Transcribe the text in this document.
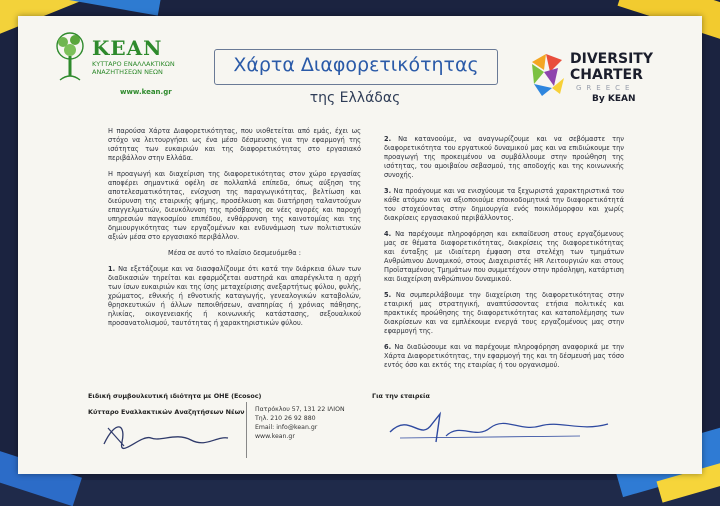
ΚΕΑΝ
ΚΥΤΤΑΡΟ ΕΝΑΛΛΑΚΤΙΚΩΝ ΑΝΑΖΗΤΗΣΕΩΝ ΝΕΩΝ
www.kean.gr
Χάρτα Διαφορετικότητας
της Ελλάδας
DIVERSITY
CHARTER
GREECE
By KEAN

Η παρούσα Χάρτα Διαφορετικότητας, που υιοθετείται από εμάς, έχει ως στόχο να λειτουργήσει ως ένα μέσο δέσμευσης για την εφαρμογή της ισότητας των ευκαιριών και της διαφορετικότητας στο εργασιακό περιβάλλον στην Ελλάδα.

Η προαγωγή και διαχείριση της διαφορετικότητας στον χώρο εργασίας αποφέρει σημαντικά οφέλη σε πολλαπλά επίπεδα, όπως αύξηση της αποτελεσματικότητας, ενίσχυση της παραγωγικότητας, βελτίωση και διεύρυνση της εταιρικής φήμης, προσέλκυση και διατήρηση ταλαντούχων επαγγελματιών, διευκόλυνση της πρόσβασης σε νέες αγορές και παροχή υπηρεσιών παγκοσμίου επιπέδου, ενθάρρυνση της καινοτομίας και της δημιουργικότητας των εργαζομένων και ενδυνάμωση των πολιτιστικών αξιών μέσα στο εργασιακό περιβάλλον.

Μέσα σε αυτό το πλαίσιο δεσμευόμεθα :

1. Να εξετάζουμε και να διασφαλίζουμε ότι κατά την διάρκεια όλων των διαδικασιών τηρείται και εφαρμόζεται αυστηρά και απαρέγκλιτα η αρχή των ίσων ευκαιριών και της ίσης μεταχείρισης ανεξαρτήτως φύλου, φυλής, χρώματος, εθνικής ή εθνοτικής καταγωγής, γενεαλογικών καταβολών, θρησκευτικών ή άλλων πεποιθήσεων, αναπηρίας ή χρόνιας πάθησης, ηλικίας, οικογενειακής ή κοινωνικής κατάστασης, σεξουαλικού προσανατολισμού, ταυτότητας ή χαρακτηριστικών φύλου.

2. Να κατανοούμε, να αναγνωρίζουμε και να σεβόμαστε την διαφορετικότητα του εργατικού δυναμικού μας και να επιδιώκουμε την προαγωγή της προκειμένου να συμβάλλουμε στην προώθηση της ισότητας, του αμοιβαίου σεβασμού, της αποδοχής και της κοινωνικής συνοχής.

3. Να προάγουμε και να ενισχύουμε τα ξεχωριστά χαρακτηριστικά του κάθε ατόμου και να αξιοποιούμε εποικοδομητικά την διαφορετικότητά του στοχεύοντας στην δημιουργία ενός ποικιλόμορφου και χωρίς διακρίσεις εργασιακού περιβάλλοντος.

4. Να παρέχουμε πληροφόρηση και εκπαίδευση στους εργαζόμενους μας σε θέματα διαφορετικότητας, διακρίσεις της διαφορετικότητας και ένταξης με ιδιαίτερη έμφαση στα στελέχη των τμημάτων Ανθρώπινου Δυναμικού, στους Διαχειριστές HR Λειτουργιών και στους Προϊσταμένους Τμημάτων που συμμετέχουν στην πρόσληψη, κατάρτιση και διαχείριση ανθρώπινου δυναμικού.

5. Να συμπεριλάβουμε την διαχείριση της διαφορετικότητας στην εταιρική μας στρατηγική, αναπτύσσοντας ετήσια πολιτικές και πρακτικές προώθησης της διαφορετικότητας και καταπολέμησης των διακρίσεων και να εμπλέκουμε ενεργά τους εργαζομένους μας στην εφαρμογή της.

6. Να διαδώσουμε και να παρέχουμε πληροφόρηση αναφορικά με την Χάρτα Διαφορετικότητας, την εφαρμογή της και τη δέσμευσή μας τόσο εντός όσο και εκτός της εταιρίας ή του οργανισμού.

Ειδική συμβουλευτική ιδιότητα με ΟΗΕ (Ecosoc)
Κύτταρο Εναλλακτικών Αναζητήσεων Νέων Πατρόκλου 57, 131 22 ΙΛΙΟΝ
Τηλ. 210 26 92 880
Email: info@kean.gr
www.kean.gr
Για την εταιρεία
